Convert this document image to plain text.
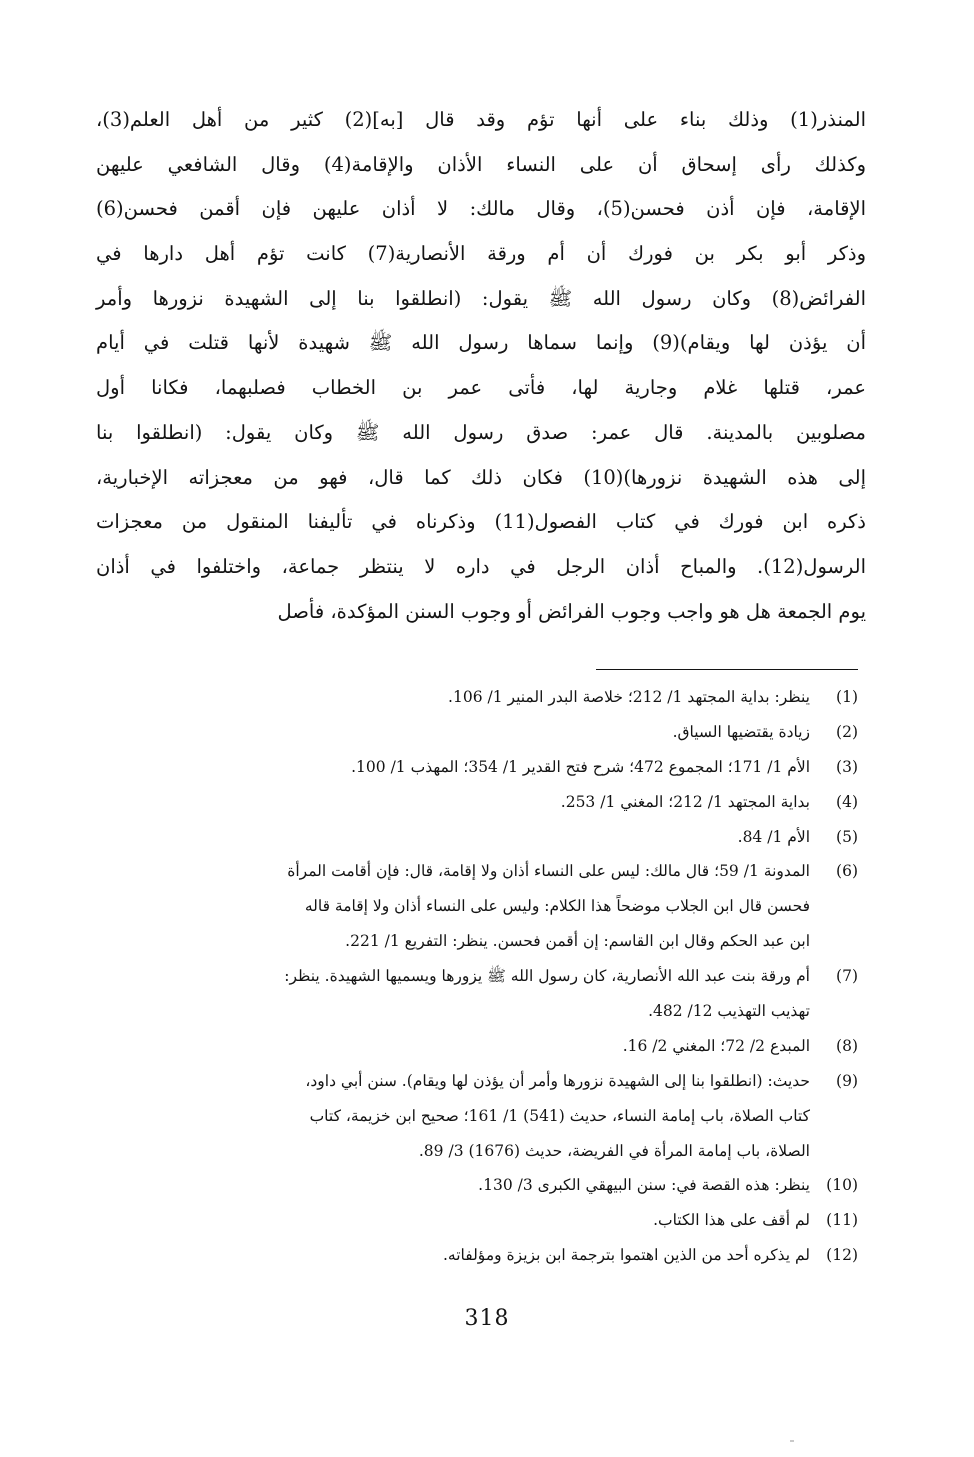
المنذر(1) وذلك بناء على أنها تؤم وقد قال [به](2) كثير من أهل العلم(3)،
وكذلك رأى إسحاق أن على النساء الأذان والإقامة(4) وقال الشافعي عليهن
الإقامة، فإن أذن فحسن(5)، وقال مالك: لا أذان عليهن فإن أقمن فحسن(6)
وذكر أبو بكر بن فورك أن أم ورقة الأنصارية(7) كانت تؤم أهل دارها في
الفرائض(8) وكان رسول الله ﷺ يقول: (انطلقوا بنا إلى الشهيدة نزورها وأمر
أن يؤذن لها ويقام)(9) وإنما سماها رسول الله ﷺ شهيدة لأنها قتلت في أيام
عمر، قتلها غلام وجارية لها، فأتى عمر بن الخطاب فصلبهما، فكانا أول
مصلوبين بالمدينة. قال عمر: صدق رسول الله ﷺ وكان يقول: (انطلقوا بنا
إلى هذه الشهيدة نزورها)(10) فكان ذلك كما قال، فهو من معجزاته الإخبارية،
ذكره ابن فورك في كتاب الفصول(11) وذكرناه في تأليفنا المنقول من معجزات
الرسول(12). والمباح أذان الرجل في داره لا ينتظر جماعة، واختلفوا في أذان
يوم الجمعة هل هو واجب وجوب الفرائض أو وجوب السنن المؤكدة، فأصل
(1)ينظر: بداية المجتهد 1/ 212؛ خلاصة البدر المنير 1/ 106.
(2)زيادة يقتضيها السياق.
(3)الأم 1/ 171؛ المجموع 472؛ شرح فتح القدير 1/ 354؛ المهذب 1/ 100.
(4)بداية المجتهد 1/ 212؛ المغني 1/ 253.
(5)الأم 1/ 84.
(6)المدونة 1/ 59؛ قال مالك: ليس على النساء أذان ولا إقامة، قال: فإن أقامت المرأة
فحسن قال ابن الجلاب موضحاً هذا الكلام: وليس على النساء أذان ولا إقامة قاله
ابن عبد الحكم وقال ابن القاسم: إن أقمن فحسن. ينظر: التفريع 1/ 221.
(7)أم ورقة بنت عبد الله الأنصارية، كان رسول الله ﷺ يزورها ويسميها الشهيدة. ينظر:
تهذيب التهذيب 12/ 482.
(8)المبدع 2/ 72؛ المغني 2/ 16.
(9)حديث: (انطلقوا بنا إلى الشهيدة نزورها وأمر أن يؤذن لها ويقام). سنن أبي داود،
كتاب الصلاة، باب إمامة النساء، حديث (541) 1/ 161؛ صحيح ابن خزيمة، كتاب
الصلاة، باب إمامة المرأة في الفريضة، حديث (1676) 3/ 89.
(10)ينظر: هذه القصة في: سنن البيهقي الكبرى 3/ 130.
(11)لم أقف على هذا الكتاب.
(12)لم يذكره أحد من الذين اهتموا بترجمة ابن بزيزة ومؤلفاته.
318
